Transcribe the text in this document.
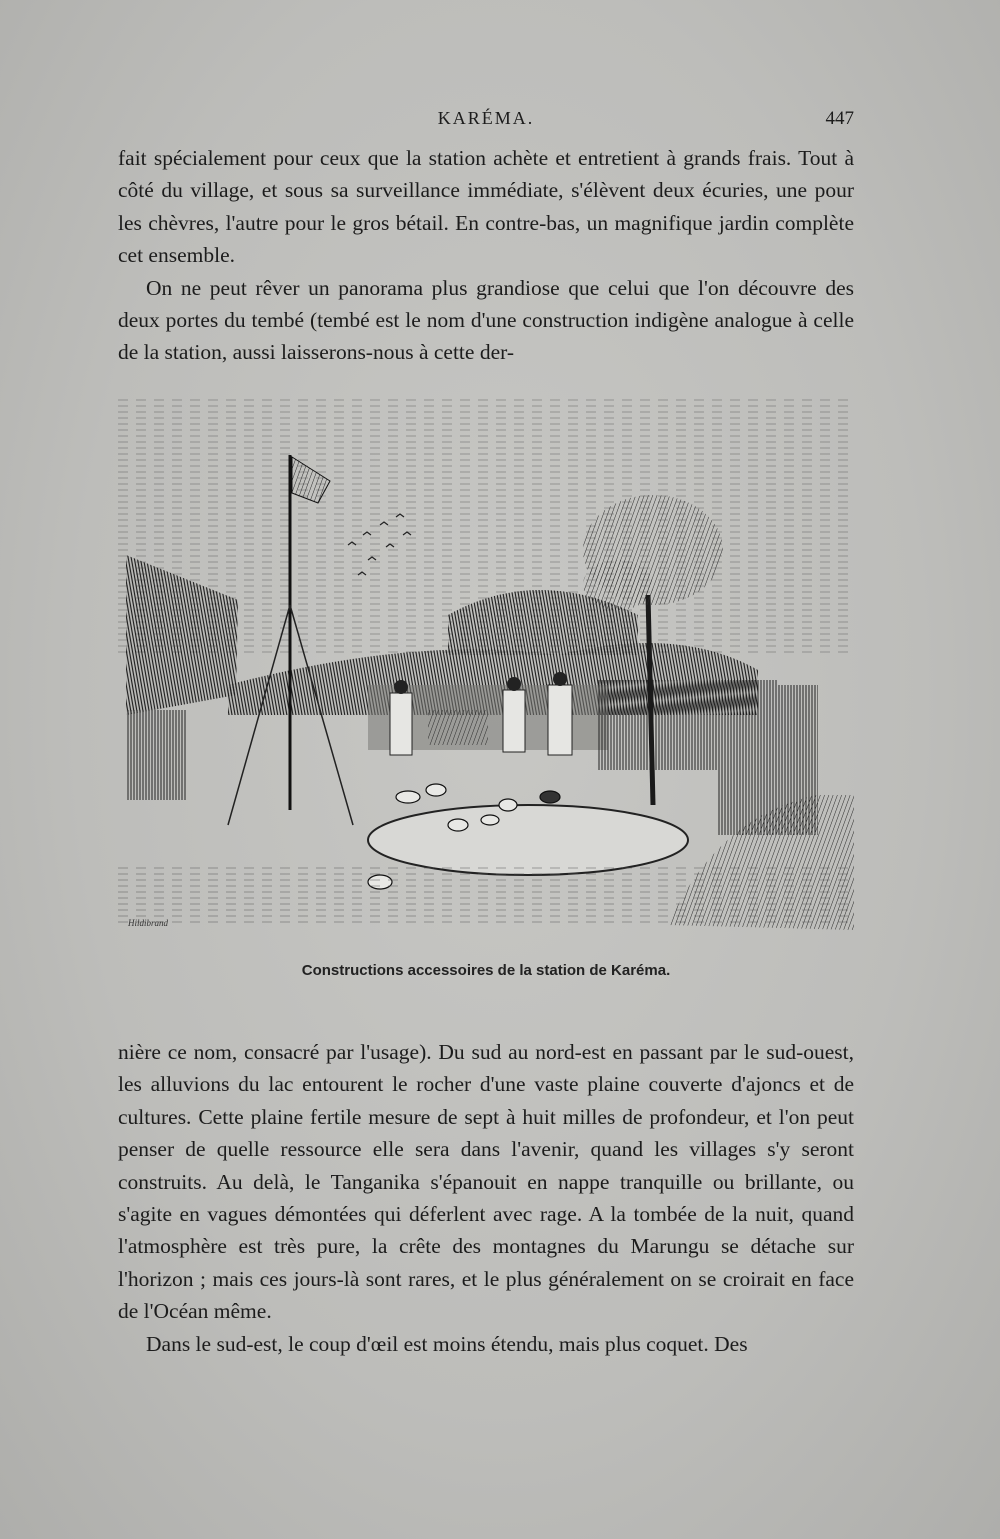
KARÉMA.	447

fait spécialement pour ceux que la station achète et entretient à grands frais. Tout à côté du village, et sous sa surveillance immédiate, s'élèvent deux écuries, une pour les chèvres, l'autre pour le gros bétail. En contre-bas, un magnifique jardin complète cet ensemble.

On ne peut rêver un panorama plus grandiose que celui que l'on découvre des deux portes du tembé (tembé est le nom d'une construction indigène analogue à celle de la station, aussi laisserons-nous à cette der-

Hildibrand
Constructions accessoires de la station de Karéma.

nière ce nom, consacré par l'usage). Du sud au nord-est en passant par le sud-ouest, les alluvions du lac entourent le rocher d'une vaste plaine couverte d'ajoncs et de cultures. Cette plaine fertile mesure de sept à huit milles de profondeur, et l'on peut penser de quelle ressource elle sera dans l'avenir, quand les villages s'y seront construits. Au delà, le Tanganika s'épanouit en nappe tranquille ou brillante, ou s'agite en vagues démontées qui déferlent avec rage. A la tombée de la nuit, quand l'atmosphère est très pure, la crête des montagnes du Marungu se détache sur l'horizon ; mais ces jours-là sont rares, et le plus généralement on se croirait en face de l'Océan même.

Dans le sud-est, le coup d'œil est moins étendu, mais plus coquet. Des
